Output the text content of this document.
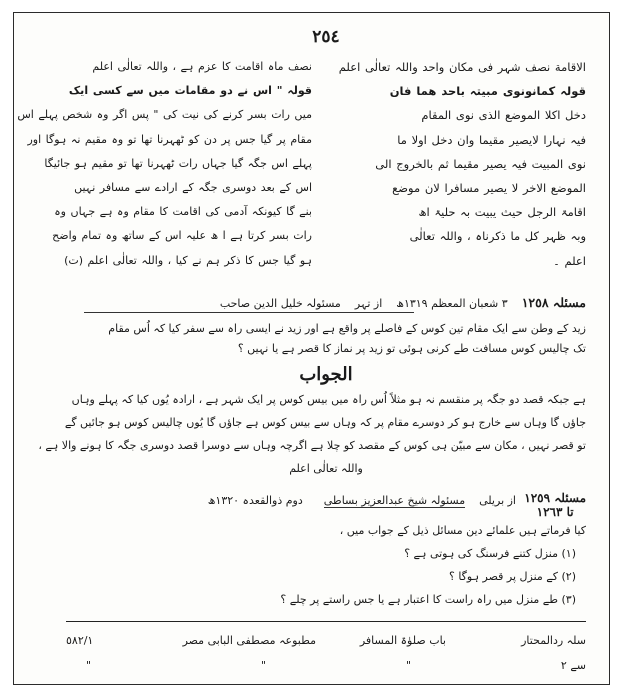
٢٥٤
الاقامة نصف شہر فی مکان واحد واللہ تعالٰی اعلم
قولہ کمانونوی مبیتہ باحد ھما فان
دخل اکلا الموضع الذی نوی المقام
فیہ نہارا لایصیر مقیما وان دخل اولا ما
نوی المبیت فیہ یصیر مقیما ثم بالخروج الی
الموضع الاخر لا یصیر مسافرا لان موضع
اقامۃ الرجل حیث یبیت بہ حلیۃ اھ
وبہ ظہر کل ما ذکرناہ ، واللہ تعالٰی
اعلم ۔
نصف ماہ اقامت کا عزم ہے ، واللہ تعالٰی اعلم
قولہ " اس نے دو مقامات میں سے کسی ایک
میں رات بسر کرنے کی نیت کی " پس اگر وہ شخص پہلے اس
مقام پر گیا جس پر دن کو ٹھہرنا تھا تو وہ مقیم نہ ہوگا اور
پہلے اس جگہ گیا جہاں رات ٹھہرنا تھا تو مقیم ہو جائیگا
اس کے بعد دوسری جگہ کے ارادے سے مسافر نہیں
بنے گا کیونکہ آدمی کی اقامت کا مقام وہ ہے جہاں وہ
رات بسر کرتا ہے ا ھ علیہ اس کے ساتھ وہ تمام واضح
ہو گیا جس کا ذکر ہم نے کیا ، واللہ تعالٰی اعلم (ت)
مسئلہ ١٢٥٨    ٣ شعبان المعظم ١٣١٩ھ    از تہر    مسئولہ خلیل الدین صاحب
زید کے وطن سے ایک مقام تین کوس کے فاصلے پر واقع ہے اور زید نے ایسی راہ سے سفر کیا کہ اُس مقام
تک چالیس کوس مسافت طے کرنی ہوئی تو زید پر نماز کا قصر ہے یا نہیں ؟
الجواب
ہے جبکہ قصد دو جگہ پر منقسم نہ ہو مثلاً اُس راہ میں بیس کوس پر ایک شہر ہے ، ارادہ یُوں کیا کہ پہلے وہاں
جاؤں گا وہاں سے خارج ہو کر دوسرے مقام پر کہ وہاں سے بیس کوس ہے جاؤں گا یُوں چالیس کوس ہو جائیں گے
تو قصر نہیں ، مکان سے مبیّن ہی کوس کے مقصد کو چلا ہے اگرچہ وہاں سے دوسرا قصد دوسری جگہ کا ہونے والا ہے ،
واللہ تعالٰی اعلم
مسئلہ ١٢٥٩
تا ١٢٦٣
از بریلی    مسئولہ شیخ عبدالعزیز بساطی      دوم ذوالقعدہ ١٣٢٠ھ
کیا فرماتے ہیں علمائے دین مسائل ذیل کے جواب میں ،
(١) منزل کتنے فرسنگ کی ہوتی ہے ؟
(٢) کے منزل پر قصر ہوگا ؟
(٣) طے منزل میں راہ راست کا اعتبار ہے یا جس راستے پر چلے ؟
سلہ ردالمحتار
باب صلوٰۃ المسافر
مطبوعہ مصطفی البابی مصر
٥٨٢/١
سے ٢
"
"
"
